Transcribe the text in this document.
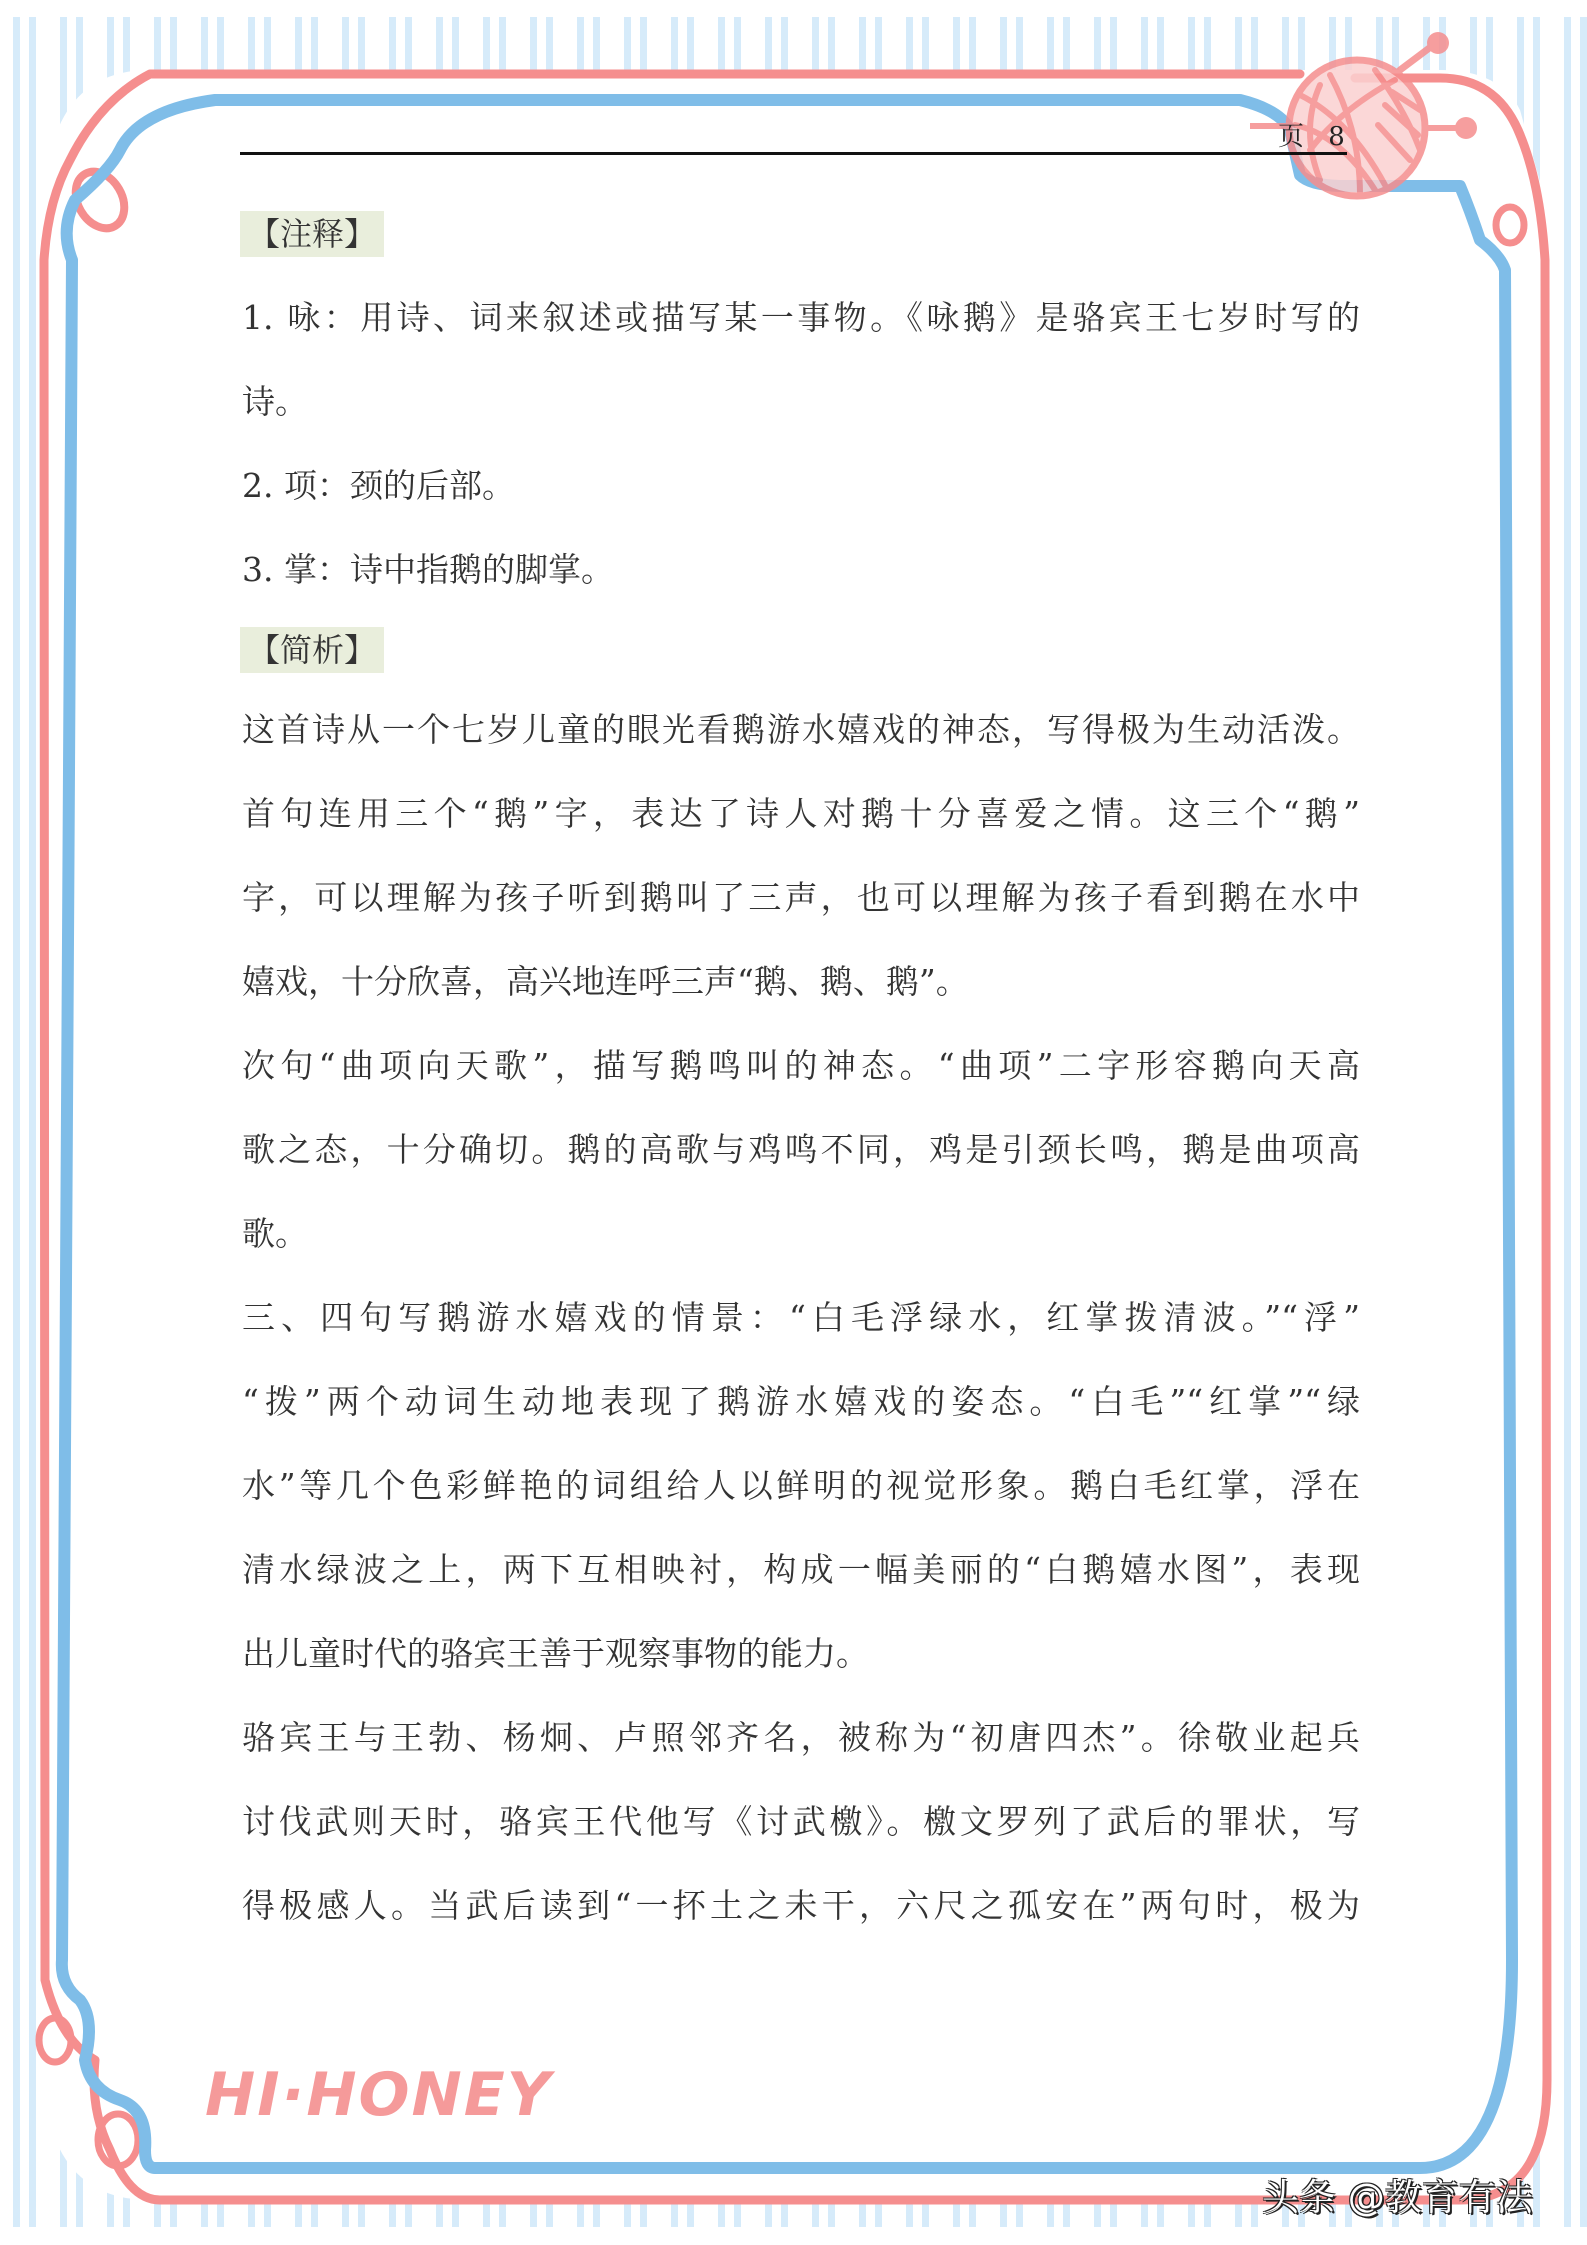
页 8
【注释】
1. 咏：用诗、词来叙述或描写某一事物。《咏鹅》是骆宾王七岁时写的
诗。
2. 项：颈的后部。
3. 掌：诗中指鹅的脚掌。
【简析】
这首诗从一个七岁儿童的眼光看鹅游水嬉戏的神态，写得极为生动活泼。
首句连用三个“鹅”字，表达了诗人对鹅十分喜爱之情。这三个“鹅”
字，可以理解为孩子听到鹅叫了三声，也可以理解为孩子看到鹅在水中
嬉戏，十分欣喜，高兴地连呼三声“鹅、鹅、鹅”。
次句“曲项向天歌”，描写鹅鸣叫的神态。“曲项”二字形容鹅向天高
歌之态，十分确切。鹅的高歌与鸡鸣不同，鸡是引颈长鸣，鹅是曲项高
歌。
三、四句写鹅游水嬉戏的情景：“白毛浮绿水，红掌拨清波。”“浮”
“拨”两个动词生动地表现了鹅游水嬉戏的姿态。“白毛”“红掌”“绿
水”等几个色彩鲜艳的词组给人以鲜明的视觉形象。鹅白毛红掌，浮在
清水绿波之上，两下互相映衬，构成一幅美丽的“白鹅嬉水图”，表现
出儿童时代的骆宾王善于观察事物的能力。
骆宾王与王勃、杨炯、卢照邻齐名，被称为“初唐四杰”。徐敬业起兵
讨伐武则天时，骆宾王代他写《讨武檄》。檄文罗列了武后的罪状，写
得极感人。当武后读到“一抔土之未干，六尺之孤安在”两句时，极为
HI·HONEY
头条 @教育有法
